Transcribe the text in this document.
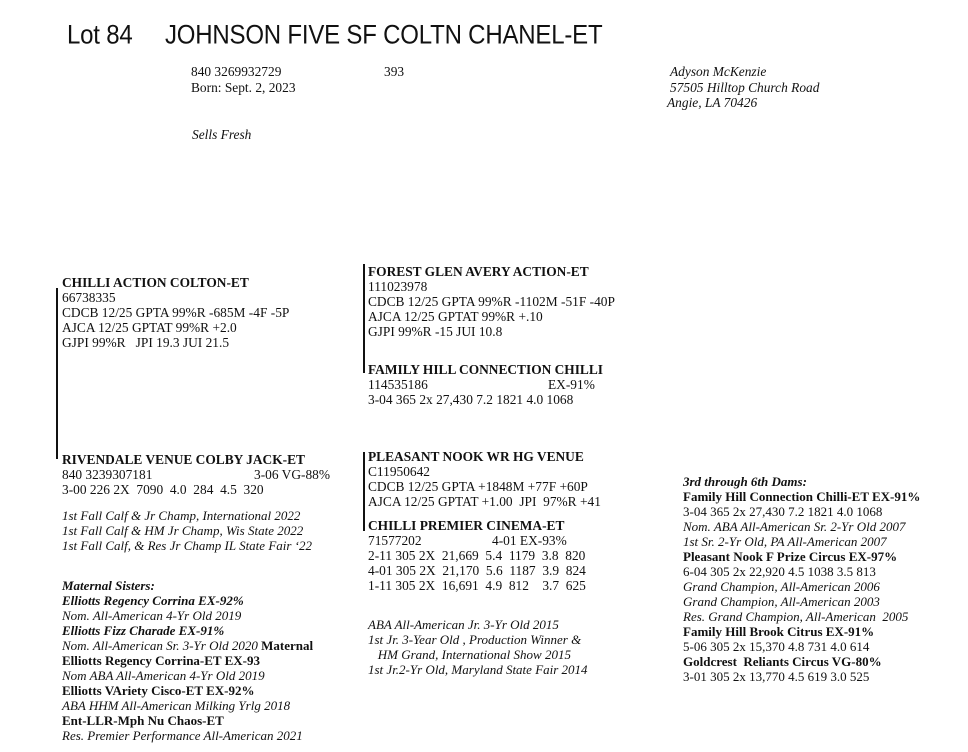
Lot 84 JOHNSON FIVE SF COLTN CHANEL-ET
840 3269932729	393
Born: Sept. 2, 2023
Sells Fresh
Adyson McKenzie
57505 Hilltop Church Road
Angie, LA 70426
CHILLI ACTION COLTON-ET
66738335
CDCB 12/25 GPTA 99%R -685M -4F -5P
AJCA 12/25 GPTAT 99%R +2.0
GJPI 99%R   JPI 19.3 JUI 21.5
FOREST GLEN AVERY ACTION-ET
111023978
CDCB 12/25 GPTA 99%R -1102M -51F -40P
AJCA 12/25 GPTAT 99%R +.10
GJPI 99%R -15 JUI 10.8
FAMILY HILL CONNECTION CHILLI
114535186	EX-91%
3-04 365 2x 27,430 7.2 1821 4.0 1068
RIVENDALE VENUE COLBY JACK-ET
840 3239307181	3-06 VG-88%
3-00 226 2X  7090  4.0  284  4.5  320
1st Fall Calf & Jr Champ, International 2022
1st Fall Calf & HM Jr Champ, Wis State 2022
1st Fall Calf, & Res Jr Champ IL State Fair ‘22
PLEASANT NOOK WR HG VENUE
C11950642
CDCB 12/25 GPTA +1848M +77F +60P
AJCA 12/25 GPTAT +1.00  JPI  97%R +41
CHILLI PREMIER CINEMA-ET
71577202	4-01 EX-93%
2-11 305 2X  21,669  5.4  1179  3.8  820
4-01 305 2X  21,170  5.6  1187  3.9  824
1-11 305 2X  16,691  4.9  812    3.7  625
ABA All-American Jr. 3-Yr Old 2015
1st Jr. 3-Year Old , Production Winner &
HM Grand, International Show 2015
1st Jr.2-Yr Old, Maryland State Fair 2014
Maternal Sisters:
Elliotts Regency Corrina EX-92%
Nom. All-American 4-Yr Old 2019
Elliotts Fizz Charade EX-91%
Nom. All-American Sr. 3-Yr Old 2020 Maternal
Elliotts Regency Corrina-ET EX-93
Nom ABA All-American 4-Yr Old 2019
Elliotts VAriety Cisco-ET EX-92%
ABA HHM All-American Milking Yrlg 2018
Ent-LLR-Mph Nu Chaos-ET
Res. Premier Performance All-American 2021
3rd through 6th Dams:
Family Hill Connection Chilli-ET EX-91%
3-04 365 2x 27,430 7.2 1821 4.0 1068
Nom. ABA All-American Sr. 2-Yr Old 2007
1st Sr. 2-Yr Old, PA All-American 2007
Pleasant Nook F Prize Circus EX-97%
6-04 305 2x 22,920 4.5 1038 3.5 813
Grand Champion, All-American 2006
Grand Champion, All-American 2003
Res. Grand Champion, All-American  2005
Family Hill Brook Citrus EX-91%
5-06 305 2x 15,370 4.8 731 4.0 614
Goldcrest  Reliants Circus VG-80%
3-01 305 2x 13,770 4.5 619 3.0 525
